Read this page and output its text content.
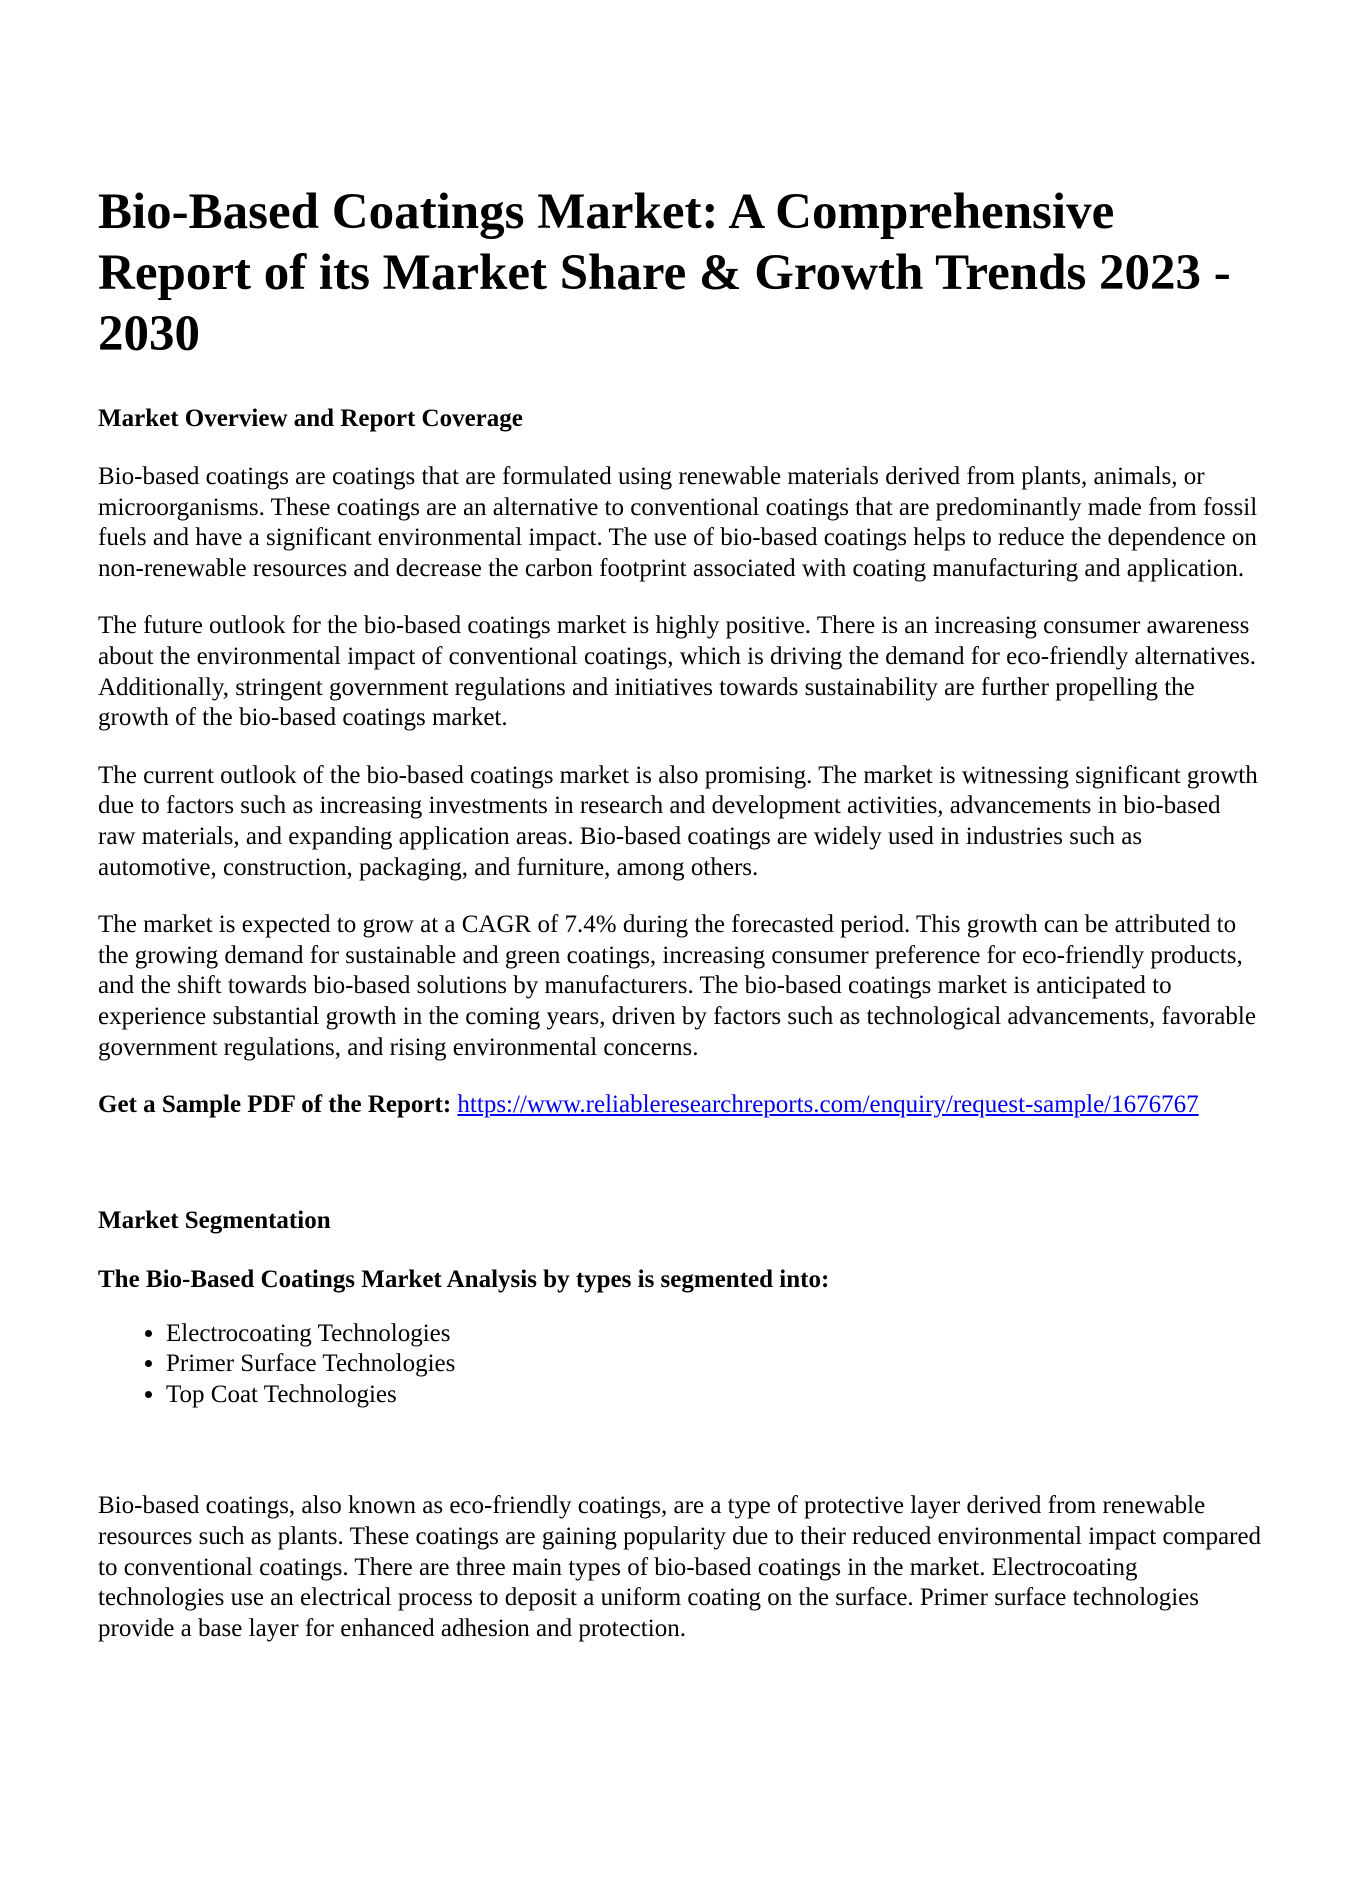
Bio-Based Coatings Market: A Comprehensive Report of its Market Share & Growth Trends 2023 - 2030
Market Overview and Report Coverage

Bio-based coatings are coatings that are formulated using renewable materials derived from plants, animals, or microorganisms. These coatings are an alternative to conventional coatings that are predominantly made from fossil fuels and have a significant environmental impact. The use of bio-based coatings helps to reduce the dependence on non-renewable resources and decrease the carbon footprint associated with coating manufacturing and application.

The future outlook for the bio-based coatings market is highly positive. There is an increasing consumer awareness about the environmental impact of conventional coatings, which is driving the demand for eco-friendly alternatives. Additionally, stringent government regulations and initiatives towards sustainability are further propelling the growth of the bio-based coatings market.

The current outlook of the bio-based coatings market is also promising. The market is witnessing significant growth due to factors such as increasing investments in research and development activities, advancements in bio-based raw materials, and expanding application areas. Bio-based coatings are widely used in industries such as automotive, construction, packaging, and furniture, among others.

The market is expected to grow at a CAGR of 7.4% during the forecasted period. This growth can be attributed to the growing demand for sustainable and green coatings, increasing consumer preference for eco-friendly products, and the shift towards bio-based solutions by manufacturers. The bio-based coatings market is anticipated to experience substantial growth in the coming years, driven by factors such as technological advancements, favorable government regulations, and rising environmental concerns.

Get a Sample PDF of the Report: https://www.reliableresearchreports.com/enquiry/request-sample/1676767
Market Segmentation
The Bio-Based Coatings Market Analysis by types is segmented into:
• Electrocoating Technologies
• Primer Surface Technologies
• Top Coat Technologies

Bio-based coatings, also known as eco-friendly coatings, are a type of protective layer derived from renewable resources such as plants. These coatings are gaining popularity due to their reduced environmental impact compared to conventional coatings. There are three main types of bio-based coatings in the market. Electrocoating technologies use an electrical process to deposit a uniform coating on the surface. Primer surface technologies provide a base layer for enhanced adhesion and protection.
